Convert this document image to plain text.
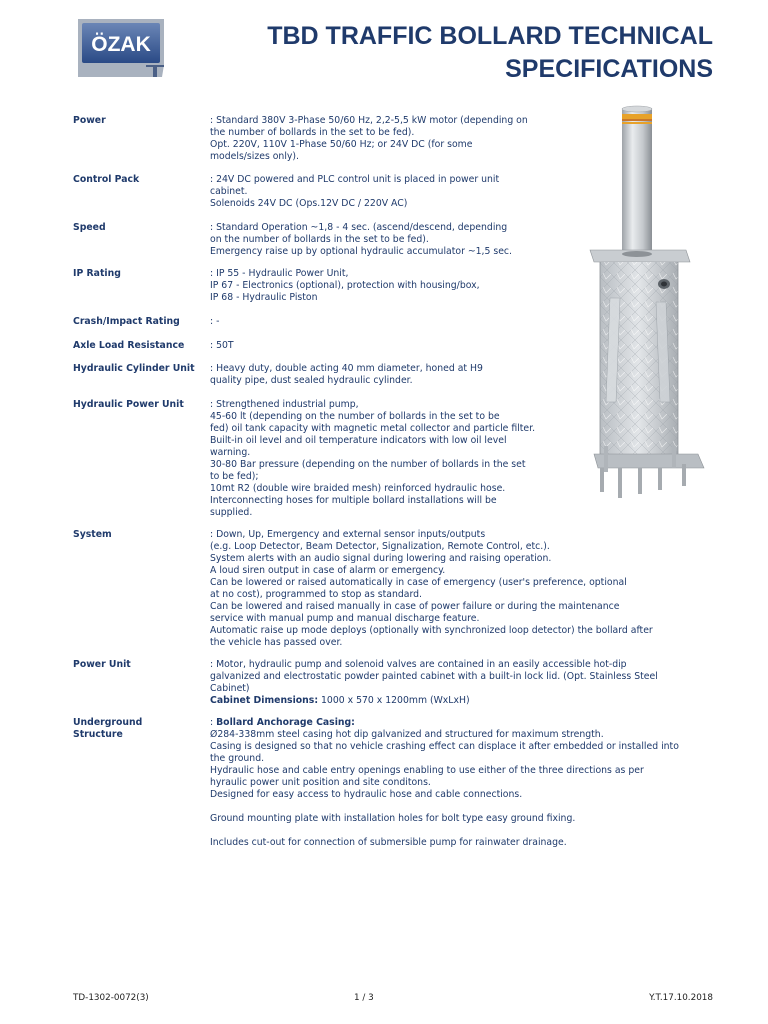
ÖZAK	TBD TRAFFIC BOLLARD TECHNICAL
SPECIFICATIONS
Power	: Standard 380V 3-Phase 50/60 Hz, 2,2-5,5 kW motor (depending on
the number of bollards in the set to be fed).
Opt. 220V, 110V 1-Phase 50/60 Hz; or 24V DC (for some
models/sizes only).
Control Pack	: 24V DC powered and PLC control unit is placed in power unit
cabinet.
Solenoids 24V DC (Ops.12V DC / 220V AC)
Speed	: Standard Operation ~1,8 - 4 sec. (ascend/descend, depending
on the number of bollards in the set to be fed).
Emergency raise up by optional hydraulic accumulator ~1,5 sec.
IP Rating	: IP 55 - Hydraulic Power Unit,
IP 67 - Electronics (optional), protection with housing/box,
IP 68 - Hydraulic Piston
Crash/Impact Rating	: -
Axle Load Resistance	: 50T
Hydraulic Cylinder Unit	: Heavy duty, double acting 40 mm diameter, honed at H9
quality pipe, dust sealed hydraulic cylinder.
Hydraulic Power Unit	: Strengthened industrial pump,
45-60 lt (depending on the number of bollards in the set to be
fed) oil tank capacity with magnetic metal collector and particle filter.
Built-in oil level and oil temperature indicators with low oil level
warning.
30-80 Bar pressure (depending on the number of bollards in the set
to be fed);
10mt R2 (double wire braided mesh) reinforced hydraulic hose.
Interconnecting hoses for multiple bollard installations will be
supplied.
System	: Down, Up, Emergency and external sensor inputs/outputs
(e.g. Loop Detector, Beam Detector, Signalization, Remote Control, etc.).
System alerts with an audio signal during lowering and raising operation.
A loud siren output in case of alarm or emergency.
Can be lowered or raised automatically in case of emergency (user's preference, optional
at no cost), programmed to stop as standard.
Can be lowered and raised manually in case of power failure or during the maintenance
service with manual pump and manual discharge feature.
Automatic raise up mode deploys (optionally with synchronized loop detector) the bollard after
the vehicle has passed over.
Power Unit	: Motor, hydraulic pump and solenoid valves are contained in an easily accessible hot-dip
galvanized and electrostatic powder painted cabinet with a built-in lock lid. (Opt. Stainless Steel
Cabinet)
Cabinet Dimensions: 1000 x 570 x 1200mm (WxLxH)
Underground
Structure
: Bollard Anchorage Casing:
Ø284-338mm steel casing hot dip galvanized and structured for maximum strength.
Casing is designed so that no vehicle crashing effect can displace it after embedded or installed into
the ground.
Hydraulic hose and cable entry openings enabling to use either of the three directions as per
hyraulic power unit position and site conditons.
Designed for easy access to hydraulic hose and cable connections.
Ground mounting plate with installation holes for bolt type easy ground fixing.
Includes cut-out for connection of submersible pump for rainwater drainage.
TD-1302-0072(3)	1 / 3	Y.T.17.10.2018
